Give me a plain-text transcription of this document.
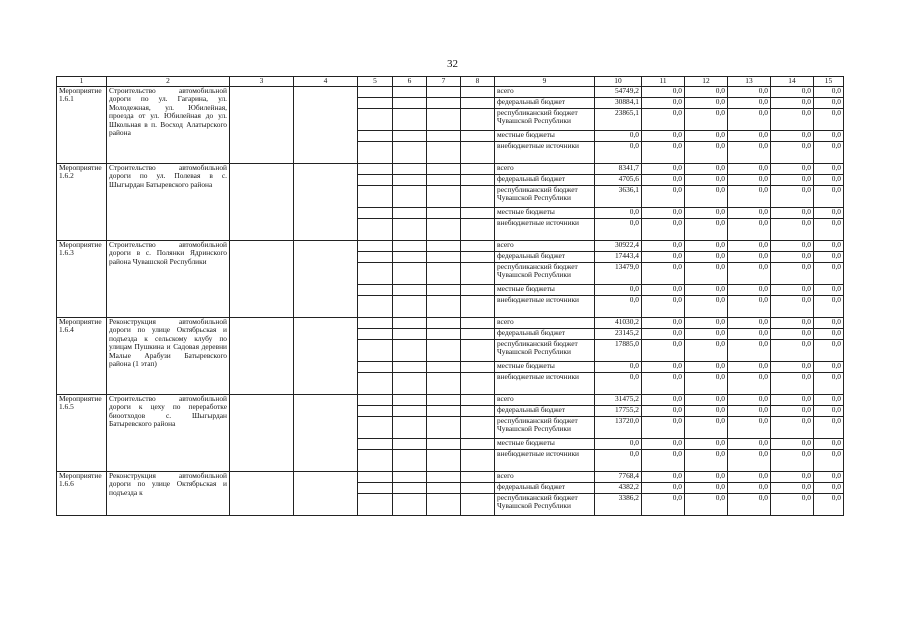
32
1	2	3	4	5	6	7	8	9	10	11	12	13	14	15
Мероприятие 1.6.1	Строительство автомобильной дороги по ул. Гагарина, ул. Молодежная, ул. Юбилейная, проезда от ул. Юбилейная до ул. Школьная в п. Восход Алатырского района							всего	54749,2	0,0	0,0	0,0	0,0	0,0
								федеральный бюджет	30884,1	0,0	0,0	0,0	0,0	0,0
								республиканский бюджет Чувашской Республики	23865,1	0,0	0,0	0,0	0,0	0,0
								местные бюджеты	0,0	0,0	0,0	0,0	0,0	0,0
								внебюджетные источники	0,0	0,0	0,0	0,0	0,0	0,0
Мероприятие 1.6.2	Строительство автомобильной дороги по ул. Полевая в с. Шыгырдан Батыревского района							всего	8341,7	0,0	0,0	0,0	0,0	0,0
								федеральный бюджет	4705,6	0,0	0,0	0,0	0,0	0,0
								республиканский бюджет Чувашской Республики	3636,1	0,0	0,0	0,0	0,0	0,0
								местные бюджеты	0,0	0,0	0,0	0,0	0,0	0,0
								внебюджетные источники	0,0	0,0	0,0	0,0	0,0	0,0
Мероприятие 1.6.3	Строительство автомобильной дороги в с. Полянки Ядринского района Чувашской Республики							всего	30922,4	0,0	0,0	0,0	0,0	0,0
								федеральный бюджет	17443,4	0,0	0,0	0,0	0,0	0,0
								республиканский бюджет Чувашской Республики	13479,0	0,0	0,0	0,0	0,0	0,0
								местные бюджеты	0,0	0,0	0,0	0,0	0,0	0,0
								внебюджетные источники	0,0	0,0	0,0	0,0	0,0	0,0
Мероприятие 1.6.4	Реконструкция автомобильной дороги по улице Октябрьская и подъезда к сельскому клубу по улицам Пушкина и Садовая деревни Малые Арабузи Батыревского района (1 этап)							всего	41030,2	0,0	0,0	0,0	0,0	0,0
								федеральный бюджет	23145,2	0,0	0,0	0,0	0,0	0,0
								республиканский бюджет Чувашской Республики	17885,0	0,0	0,0	0,0	0,0	0,0
								местные бюджеты	0,0	0,0	0,0	0,0	0,0	0,0
								внебюджетные источники	0,0	0,0	0,0	0,0	0,0	0,0
Мероприятие 1.6.5	Строительство автомобильной дороги к цеху по переработке биоотходов с. Шыгырдан Батыревского района							всего	31475,2	0,0	0,0	0,0	0,0	0,0
								федеральный бюджет	17755,2	0,0	0,0	0,0	0,0	0,0
								республиканский бюджет Чувашской Республики	13720,0	0,0	0,0	0,0	0,0	0,0
								местные бюджеты	0,0	0,0	0,0	0,0	0,0	0,0
								внебюджетные источники	0,0	0,0	0,0	0,0	0,0	0,0
Мероприятие 1.6.6	Реконструкция автомобильной дороги по улице Октябрьская и подъезда к							всего	7768,4	0,0	0,0	0,0	0,0	0,0
								федеральный бюджет	4382,2	0,0	0,0	0,0	0,0	0,0
								республиканский бюджет Чувашской Республики	3386,2	0,0	0,0	0,0	0,0	0,0
